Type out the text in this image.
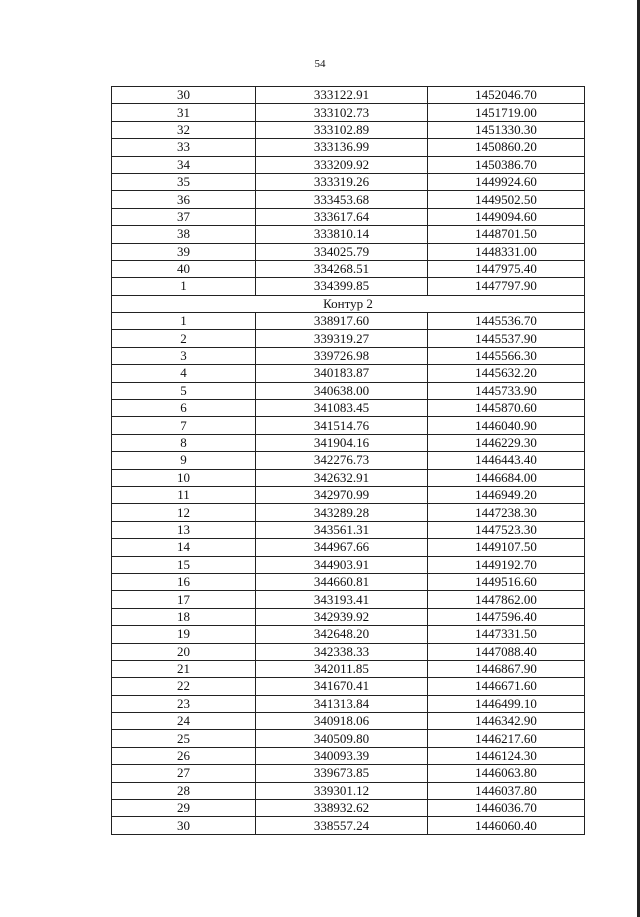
54
30	333122.91	1452046.70
31	333102.73	1451719.00
32	333102.89	1451330.30
33	333136.99	1450860.20
34	333209.92	1450386.70
35	333319.26	1449924.60
36	333453.68	1449502.50
37	333617.64	1449094.60
38	333810.14	1448701.50
39	334025.79	1448331.00
40	334268.51	1447975.40
1	334399.85	1447797.90
Контур 2		
1	338917.60	1445536.70
2	339319.27	1445537.90
3	339726.98	1445566.30
4	340183.87	1445632.20
5	340638.00	1445733.90
6	341083.45	1445870.60
7	341514.76	1446040.90
8	341904.16	1446229.30
9	342276.73	1446443.40
10	342632.91	1446684.00
11	342970.99	1446949.20
12	343289.28	1447238.30
13	343561.31	1447523.30
14	344967.66	1449107.50
15	344903.91	1449192.70
16	344660.81	1449516.60
17	343193.41	1447862.00
18	342939.92	1447596.40
19	342648.20	1447331.50
20	342338.33	1447088.40
21	342011.85	1446867.90
22	341670.41	1446671.60
23	341313.84	1446499.10
24	340918.06	1446342.90
25	340509.80	1446217.60
26	340093.39	1446124.30
27	339673.85	1446063.80
28	339301.12	1446037.80
29	338932.62	1446036.70
30	338557.24	1446060.40
